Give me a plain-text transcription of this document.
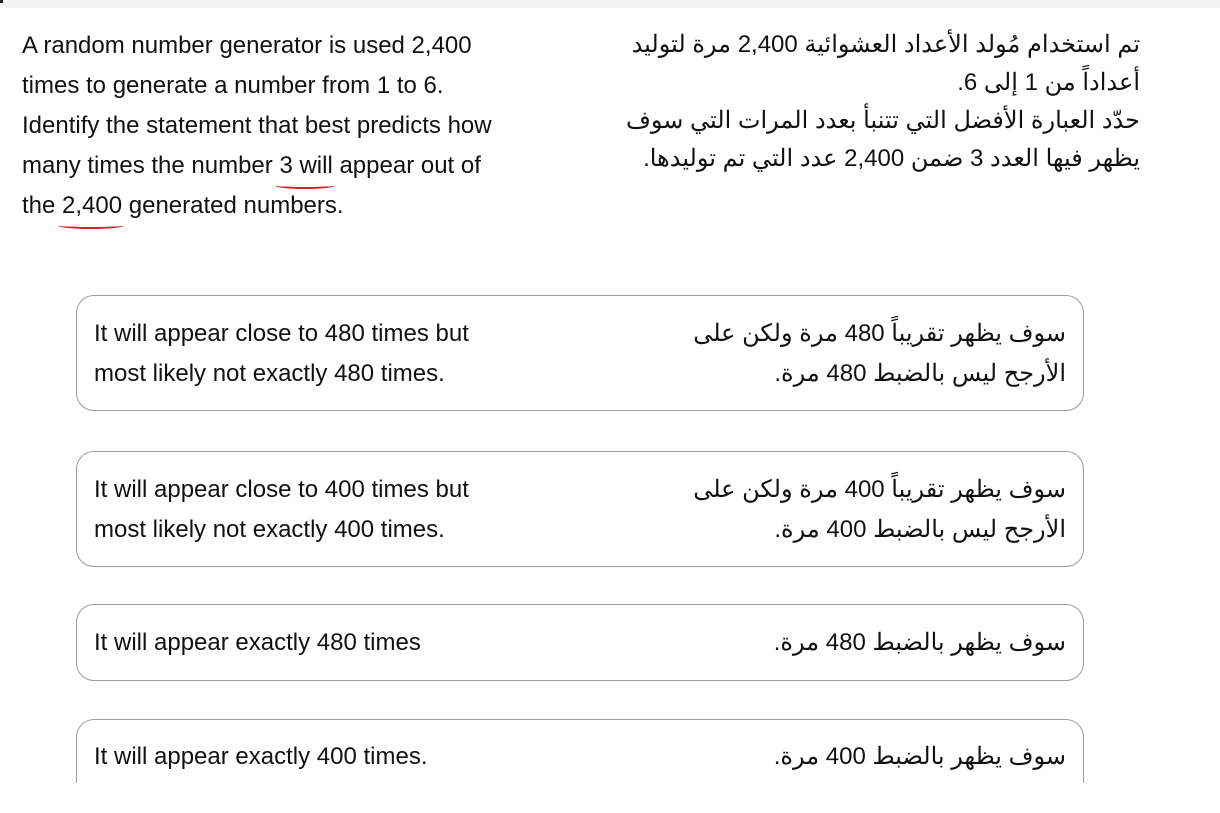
A random number generator is used 2,400
times to generate a number from 1 to 6.
Identify the statement that best predicts how
many times the number 3 will appear out of
the 2,400 generated numbers.
تم استخدام مُولد الأعداد العشوائية 2,400 مرة لتوليد
أعداداً من 1 إلى 6.
حدّد العبارة الأفضل التي تتنبأ بعدد المرات التي سوف
يظهر فيها العدد 3 ضمن 2,400 عدد التي تم توليدها.
It will appear close to 480 times but
most likely not exactly 480 times.
سوف يظهر تقريباً 480 مرة ولكن على
الأرجح ليس بالضبط 480 مرة.
It will appear close to 400 times but
most likely not exactly 400 times.
سوف يظهر تقريباً 400 مرة ولكن على
الأرجح ليس بالضبط 400 مرة.
It will appear exactly 480 times	سوف يظهر بالضبط 480 مرة.
It will appear exactly 400 times.	سوف يظهر بالضبط 400 مرة.
